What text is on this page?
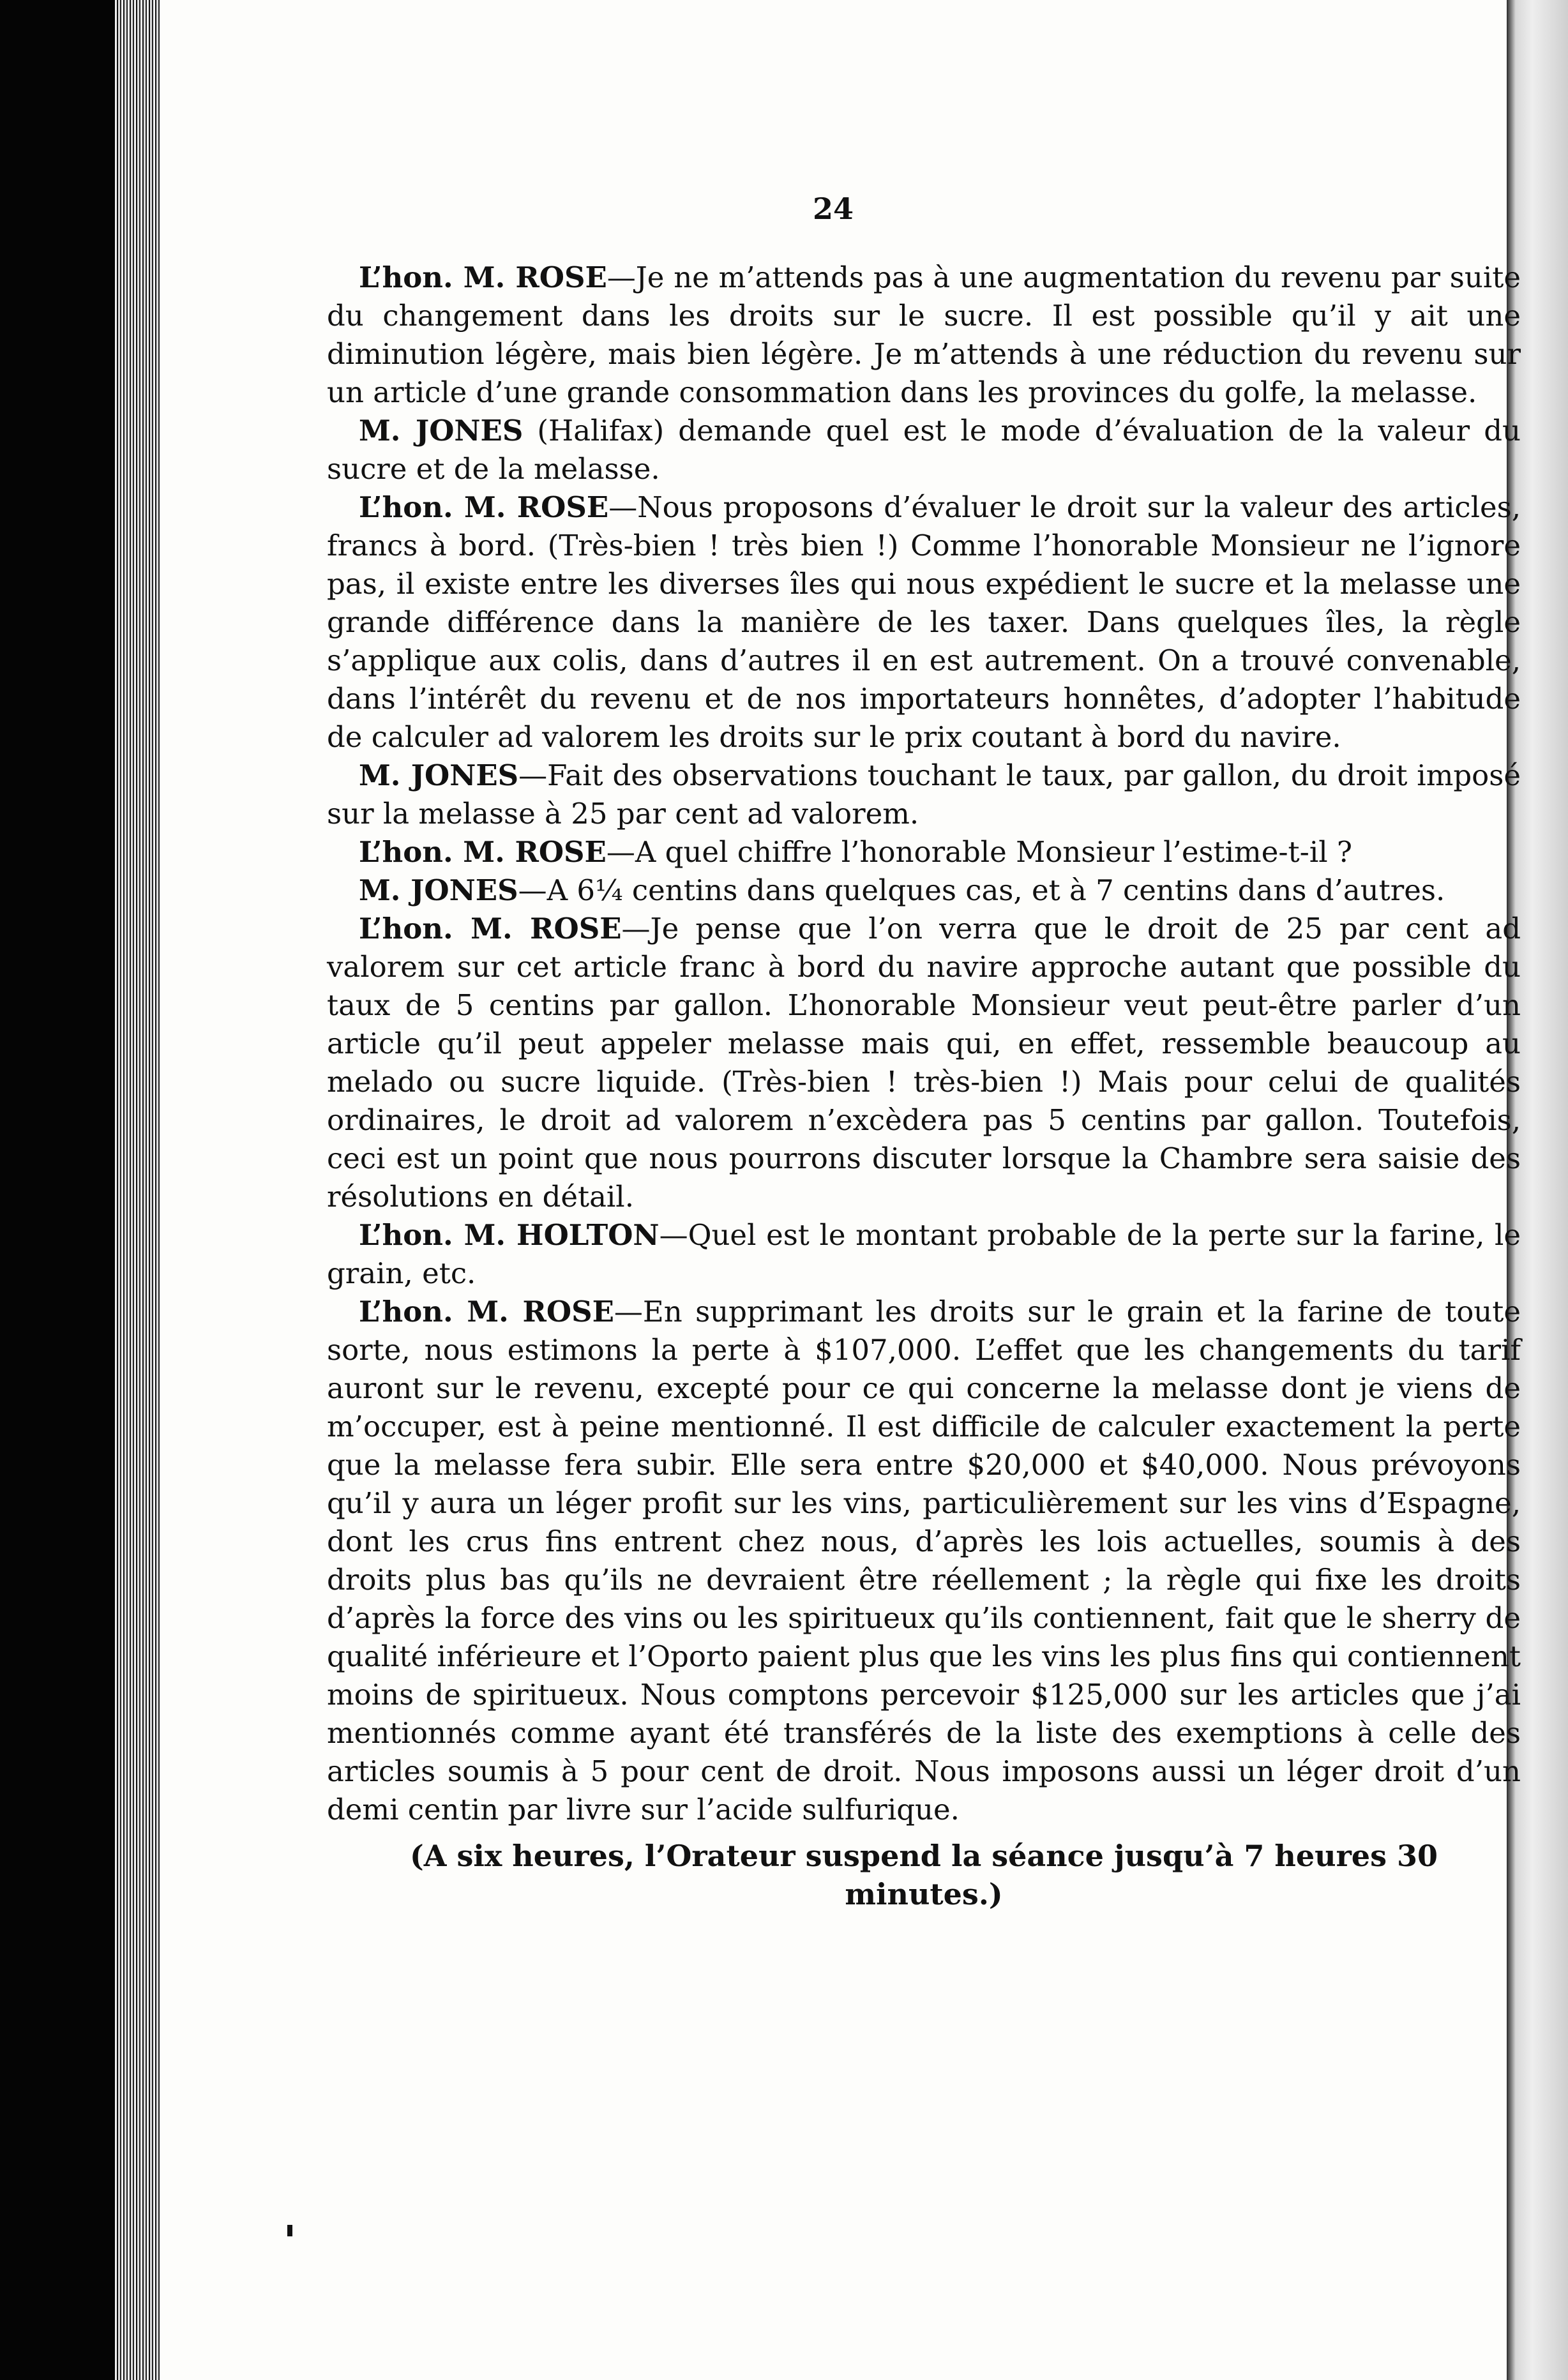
24

L’hon. M. ROSE—Je ne m’attends pas à une augmentation du revenu par suite du changement dans les droits sur le sucre. Il est possible qu’il y ait une diminution légère, mais bien légère. Je m’attends à une réduction du revenu sur un article d’une grande consommation dans les provinces du golfe, la melasse.

M. JONES (Halifax) demande quel est le mode d’évaluation de la valeur du sucre et de la melasse.

L’hon. M. ROSE—Nous proposons d’évaluer le droit sur la valeur des articles, francs à bord. (Très-bien ! très bien !) Comme l’honorable Monsieur ne l’ignore pas, il existe entre les diverses îles qui nous expédient le sucre et la melasse une grande différence dans la manière de les taxer. Dans quelques îles, la règle s’applique aux colis, dans d’autres il en est autrement. On a trouvé convenable, dans l’intérêt du revenu et de nos importateurs honnêtes, d’adopter l’habitude de calculer ad valorem les droits sur le prix coutant à bord du navire.

M. JONES—Fait des observations touchant le taux, par gallon, du droit imposé sur la melasse à 25 par cent ad valorem.

L’hon. M. ROSE—A quel chiffre l’honorable Monsieur l’estime-t-il ?

M. JONES—A 6¼ centins dans quelques cas, et à 7 centins dans d’autres.

L’hon. M. ROSE—Je pense que l’on verra que le droit de 25 par cent ad valorem sur cet article franc à bord du navire approche autant que possible du taux de 5 centins par gallon. L’honorable Monsieur veut peut-être parler d’un article qu’il peut appeler melasse mais qui, en effet, ressemble beaucoup au melado ou sucre liquide. (Très-bien ! très-bien !) Mais pour celui de qualités ordinaires, le droit ad valorem n’excèdera pas 5 centins par gallon. Toutefois, ceci est un point que nous pourrons discuter lorsque la Chambre sera saisie des résolutions en détail.

L’hon. M. HOLTON—Quel est le montant probable de la perte sur la farine, le grain, etc.

L’hon. M. ROSE—En supprimant les droits sur le grain et la farine de toute sorte, nous estimons la perte à $107,000. L’effet que les changements du tarif auront sur le revenu, excepté pour ce qui concerne la melasse dont je viens de m’occuper, est à peine mentionné. Il est difficile de calculer exactement la perte que la melasse fera subir. Elle sera entre $20,000 et $40,000. Nous prévoyons qu’il y aura un léger profit sur les vins, particulièrement sur les vins d’Espagne, dont les crus fins entrent chez nous, d’après les lois actuelles, soumis à des droits plus bas qu’ils ne devraient être réellement ; la règle qui fixe les droits d’après la force des vins ou les spiritueux qu’ils contiennent, fait que le sherry de qualité inférieure et l’Oporto paient plus que les vins les plus fins qui contiennent moins de spiritueux. Nous comptons percevoir $125,000 sur les articles que j’ai mentionnés comme ayant été transférés de la liste des exemptions à celle des articles soumis à 5 pour cent de droit. Nous imposons aussi un léger droit d’un demi centin par livre sur l’acide sulfurique.

(A six heures, l’Orateur suspend la séance jusqu’à 7 heures 30 minutes.)
